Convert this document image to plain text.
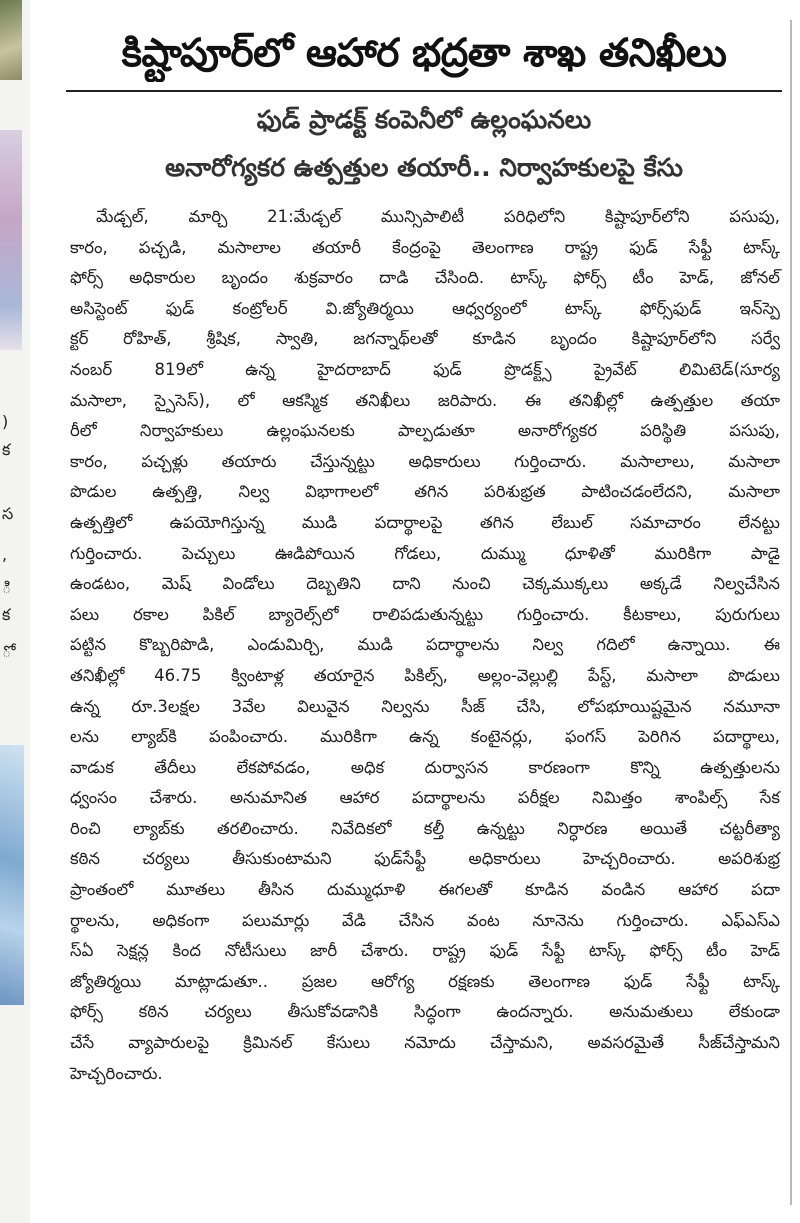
)
క
స
,
ి
క
ో
కిష్టాపూర్‌లో ఆహార భద్రతా శాఖ తనిఖీలు
ఫుడ్ ప్రాడక్ట్ కంపెనీలో ఉల్లంఘనలు
అనారోగ్యకర ఉత్పత్తుల తయారీ.. నిర్వాహకులపై కేసు

మేడ్చల్, మార్చి 21:మేడ్చల్ మున్సిపాలిటీ పరిధిలోని కిష్టాపూర్‌లోని పసుపు,

కారం, పచ్చడి, మసాలాల తయారీ కేంద్రంపై తెలంగాణ రాష్ట్ర ఫుడ్ సేఫ్టీ టాస్క్

ఫోర్స్ అధికారుల బృందం శుక్రవారం దాడి చేసింది. టాస్క్ ఫోర్స్ టీం హెడ్, జోనల్

అసిస్టెంట్ ఫుడ్ కంట్రోలర్ వి.జ్యోతిర్మయి ఆధ్వర్యంలో టాస్క్ ఫోర్స్‌ఫుడ్ ఇన్‌స్పె

క్టర్ రోహిత్, శ్రీషిక, స్వాతి, జగన్నాథ్‌లతో కూడిన బృందం కిష్టాపూర్‌లోని సర్వే

నంబర్ 819లో ఉన్న హైదరాబాద్ ఫుడ్ ప్రొడక్ట్స్ ప్రైవేట్ లిమిటెడ్(సూర్య

మసాలా, స్పైసెస్), లో ఆకస్మిక తనిఖీలు జరిపారు. ఈ తనిఖీల్లో ఉత్పత్తుల తయా

రీలో నిర్వాహకులు ఉల్లంఘనలకు పాల్పడుతూ అనారోగ్యకర పరిస్థితి పసుపు,

కారం, పచ్చళ్లు తయారు చేస్తున్నట్టు అధికారులు గుర్తించారు. మసాలాలు, మసాలా

పొడుల ఉత్పత్తి, నిల్వ విభాగాలలో తగిన పరిశుభ్రత పాటించడంలేదని, మసాలా

ఉత్పత్తిలో ఉపయోగిస్తున్న ముడి పదార్థాలపై తగిన లేబుల్ సమాచారం లేనట్టు

గుర్తించారు. పెచ్చులు ఊడిపోయిన గోడలు, దుమ్ము ధూళితో మురికిగా పాడై

ఉండటం, మెష్ విండోలు దెబ్బతిని దాని నుంచి చెక్కముక్కలు అక్కడే నిల్వచేసిన

పలు రకాల పికిల్ బ్యారెల్స్‌లో రాలిపడుతున్నట్టు గుర్తించారు. కీటకాలు, పురుగులు

పట్టిన కొబ్బరిపొడి, ఎండుమిర్చి, ముడి పదార్థాలను నిల్వ గదిలో ఉన్నాయి. ఈ

తనిఖీల్లో 46.75 క్వింటాళ్ల తయారైన పికిల్స్, అల్లం-వెల్లుల్లి పేస్ట్, మసాలా పొడులు

ఉన్న రూ.3లక్షల 3వేల విలువైన నిల్వను సీజ్ చేసి, లోపభూయిష్టమైన నమూనా

లను ల్యాబ్‌కి పంపించారు. మురికిగా ఉన్న కంటైనర్లు, ఫంగస్ పెరిగిన పదార్థాలు,

వాడుక తేదీలు లేకపోవడం, అధిక దుర్వాసన కారణంగా కొన్ని ఉత్పత్తులను

ధ్వంసం చేశారు. అనుమానిత ఆహార పదార్థాలను పరీక్షల నిమిత్తం శాంపిల్స్ సేక

రించి ల్యాబ్‌కు తరలించారు. నివేదికలో కల్తీ ఉన్నట్టు నిర్ధారణ అయితే చట్టరీత్యా

కఠిన చర్యలు తీసుకుంటామని ఫుడ్‌సేఫ్టీ అధికారులు హెచ్చరించారు. అపరిశుభ్ర

ప్రాంతంలో మూతలు తీసిన దుమ్ముధూళి ఈగలతో కూడిన వండిన ఆహార పదా

ర్థాలను, అధికంగా పలుమార్లు వేడి చేసిన వంట నూనెను గుర్తించారు. ఎఫ్ఎస్ఎ

స్‌ఏ సెక్షన్ల కింద నోటీసులు జారీ చేశారు. రాష్ట్ర ఫుడ్ సేఫ్టీ టాస్క్ ఫోర్స్ టీం హెడ్

జ్యోతిర్మయి మాట్లాడుతూ.. ప్రజల ఆరోగ్య రక్షణకు తెలంగాణ ఫుడ్ సేఫ్టీ టాస్క్

ఫోర్స్ కఠిన చర్యలు తీసుకోవడానికి సిద్ధంగా ఉందన్నారు. అనుమతులు లేకుండా

చేసే వ్యాపారులపై క్రిమినల్ కేసులు నమోదు చేస్తామని, అవసరమైతే సీజ్‌చేస్తామని

హెచ్చరించారు.
